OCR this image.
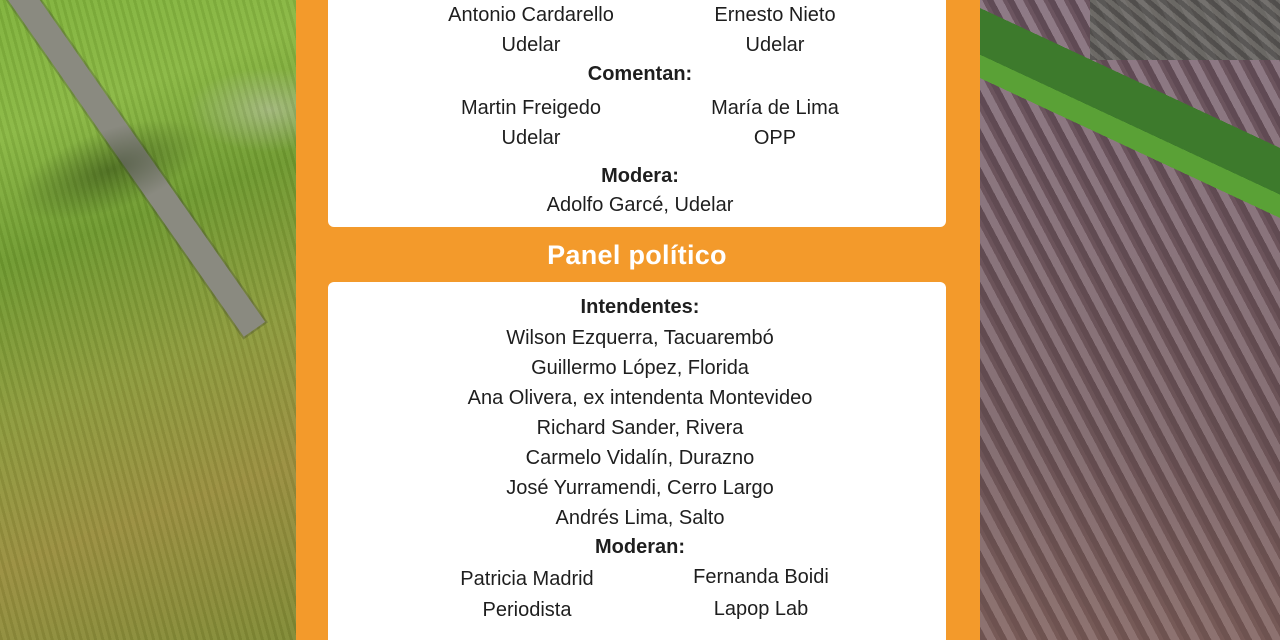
Antonio Cardarello	Ernesto Nieto
Udelar	Udelar
Comentan:
Martin Freigedo	María de Lima
Udelar	OPP
Modera:
Adolfo Garcé, Udelar
Panel político
Intendentes:
Wilson Ezquerra, Tacuarembó
Guillermo López, Florida
Ana Olivera, ex intendenta Montevideo
Richard Sander, Rivera
Carmelo Vidalín, Durazno
José Yurramendi, Cerro Largo
Andrés Lima, Salto
Moderan:
Patricia Madrid	Fernanda Boidi
Periodista	Lapop Lab
